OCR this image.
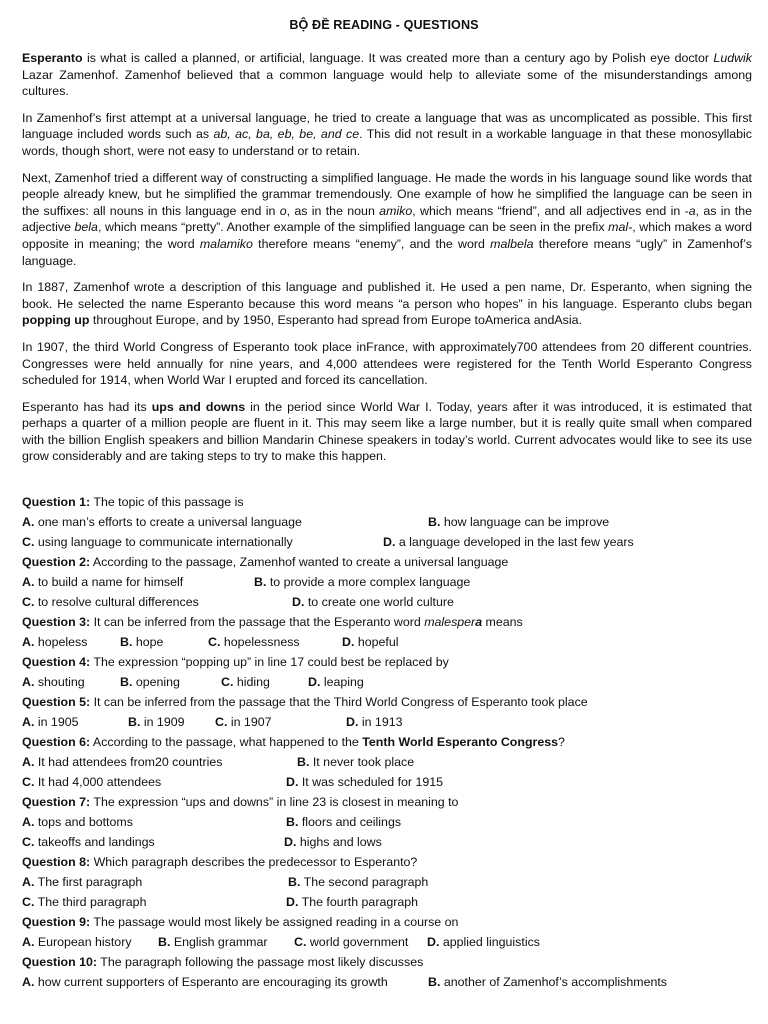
BỘ ĐỀ READING - QUESTIONS

Esperanto is what is called a planned, or artificial, language. It was created more than a century ago by Polish eye doctor Ludwik Lazar Zamenhof. Zamenhof believed that a common language would help to alleviate some of the misunderstandings among cultures.

In Zamenhof’s first attempt at a universal language, he tried to create a language that was as uncomplicated as possible. This first language included words such as ab, ac, ba, eb, be, and ce. This did not result in a workable language in that these monosyllabic words, though short, were not easy to understand or to retain.

Next, Zamenhof tried a different way of constructing a simplified language. He made the words in his language sound like words that people already knew, but he simplified the grammar tremendously. One example of how he simplified the language can be seen in the suffixes: all nouns in this language end in o, as in the noun amiko, which means “friend”, and all adjectives end in -a, as in the adjective bela, which means “pretty”. Another example of the simplified language can be seen in the prefix mal-, which makes a word opposite in meaning; the word malamiko therefore means “enemy”, and the word malbela therefore means “ugly” in Zamenhof’s language.

In 1887, Zamenhof wrote a description of this language and published it. He used a pen name, Dr. Esperanto, when signing the book. He selected the name Esperanto because this word means “a person who hopes” in his language. Esperanto clubs began popping up throughout Europe, and by 1950, Esperanto had spread from Europe toAmerica andAsia.

In 1907, the third World Congress of Esperanto took place inFrance, with approximately700 attendees from 20 different countries. Congresses were held annually for nine years, and 4,000 attendees were registered for the Tenth World Esperanto Congress scheduled for 1914, when World War I erupted and forced its cancellation.

Esperanto has had its ups and downs in the period since World War I. Today, years after it was introduced, it is estimated that perhaps a quarter of a million people are fluent in it. This may seem like a large number, but it is really quite small when compared with the billion English speakers and billion Mandarin Chinese speakers in today’s world. Current advocates would like to see its use grow considerably and are taking steps to try to make this happen.

Question 1: The topic of this passage is
A. one man’s efforts to create a universal language	B. how language can be improve
C. using language to communicate internationally	D. a language developed in the last few years
Question 2: According to the passage, Zamenhof wanted to create a universal language
A. to build a name for himself	B. to provide a more complex language
C. to resolve cultural differences	D. to create one world culture
Question 3: It can be inferred from the passage that the Esperanto word malespera means
A. hopeless	B. hope	C. hopelessness	D. hopeful
Question 4: The expression “popping up” in line 17 could best be replaced by
A. shouting	B. opening	C. hiding	D. leaping
Question 5: It can be inferred from the passage that the Third World Congress of Esperanto took place
A. in 1905	B. in 1909 C. in 1907	D. in 1913
Question 6: According to the passage, what happened to the Tenth World Esperanto Congress?
A. It had attendees from20 countries	B. It never took place
C. It had 4,000 attendees	D. It was scheduled for 1915
Question 7: The expression “ups and downs” in line 23 is closest in meaning to
A. tops and bottoms	B. floors and ceilings
C. takeoffs and landings	D. highs and lows
Question 8: Which paragraph describes the predecessor to Esperanto?
A. The first paragraph	B. The second paragraph
C. The third paragraph	D. The fourth paragraph
Question 9: The passage would most likely be assigned reading in a course on
A. European history B. English grammar C. world government D. applied linguistics
Question 10: The paragraph following the passage most likely discusses
A. how current supporters of Esperanto are encouraging its growth	B. another of Zamenhof’s accomplishments
